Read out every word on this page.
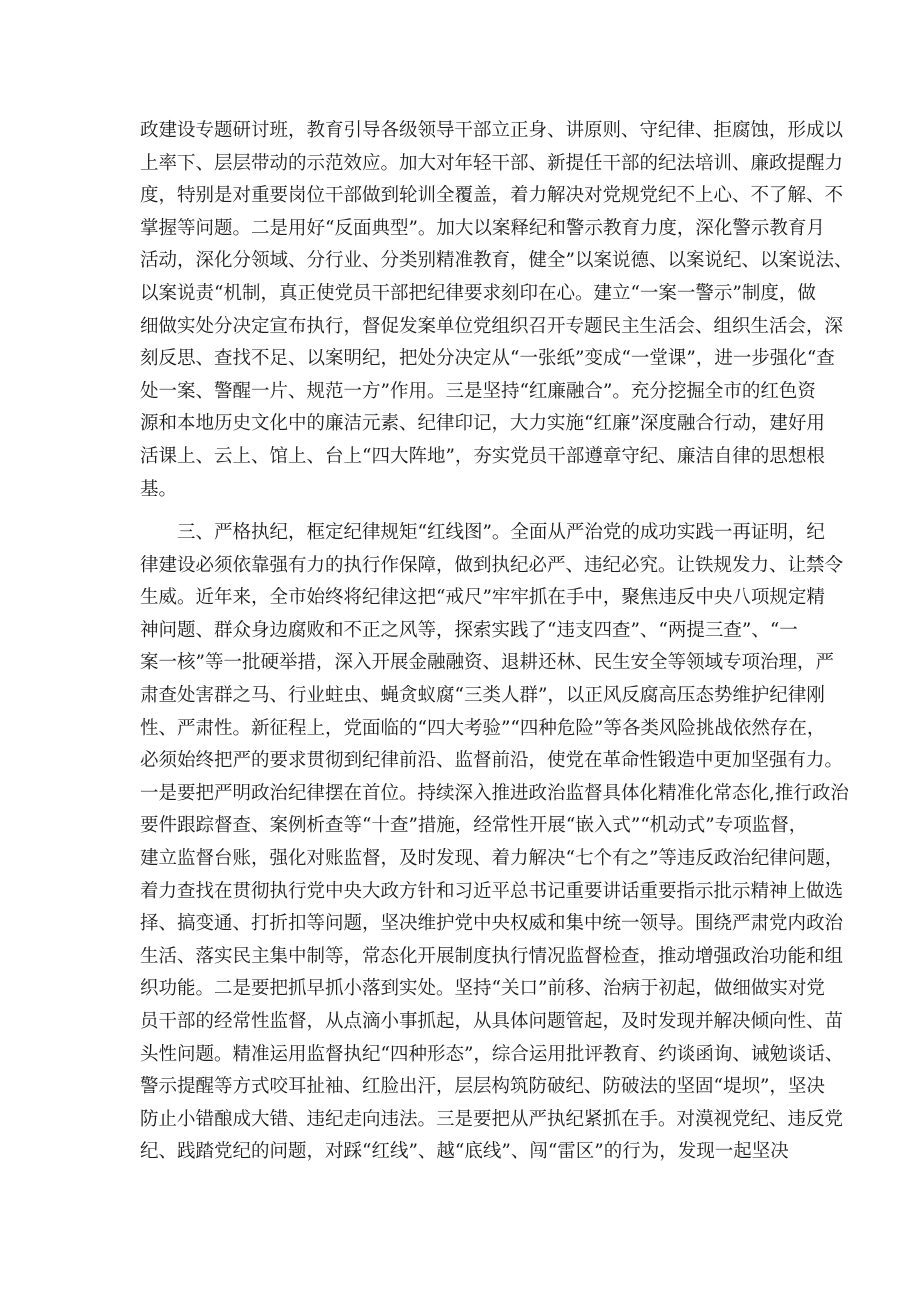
政建设专题研讨班，教育引导各级领导干部立正身、讲原则、守纪律、拒腐蚀，形成以
上率下、层层带动的示范效应。加大对年轻干部、新提任干部的纪法培训、廉政提醒力
度，特别是对重要岗位干部做到轮训全覆盖，着力解决对党规党纪不上心、不了解、不
掌握等问题。二是用好“反面典型”。加大以案释纪和警示教育力度，深化警示教育月
活动，深化分领域、分行业、分类别精准教育，健全”以案说德、以案说纪、以案说法、
以案说责“机制，真正使党员干部把纪律要求刻印在心。建立“一案一警示”制度，做
细做实处分决定宣布执行，督促发案单位党组织召开专题民主生活会、组织生活会，深
刻反思、查找不足、以案明纪，把处分决定从“一张纸”变成“一堂课”，进一步强化“查
处一案、警醒一片、规范一方”作用。三是坚持“红廉融合”。充分挖掘全市的红色资
源和本地历史文化中的廉洁元素、纪律印记，大力实施“红廉”深度融合行动，建好用
活课上、云上、馆上、台上“四大阵地”，夯实党员干部遵章守纪、廉洁自律的思想根
基。
三、严格执纪，框定纪律规矩“红线图”。全面从严治党的成功实践一再证明，纪
律建设必须依靠强有力的执行作保障，做到执纪必严、违纪必究。让铁规发力、让禁令
生威。近年来，全市始终将纪律这把“戒尺”牢牢抓在手中，聚焦违反中央八项规定精
神问题、群众身边腐败和不正之风等，探索实践了“违支四查”、“两提三查”、“一
案一核”等一批硬举措，深入开展金融融资、退耕还林、民生安全等领域专项治理，严
肃查处害群之马、行业蛀虫、蝇贪蚁腐“三类人群”，以正风反腐高压态势维护纪律刚
性、严肃性。新征程上，党面临的“四大考验”“四种危险”等各类风险挑战依然存在，
必须始终把严的要求贯彻到纪律前沿、监督前沿，使党在革命性锻造中更加坚强有力。
一是要把严明政治纪律摆在首位。持续深入推进政治监督具体化精准化常态化,推行政治
要件跟踪督查、案例析查等“十查”措施，经常性开展“嵌入式”“机动式”专项监督，
建立监督台账，强化对账监督，及时发现、着力解决“七个有之”等违反政治纪律问题，
着力查找在贯彻执行党中央大政方针和习近平总书记重要讲话重要指示批示精神上做选
择、搞变通、打折扣等问题，坚决维护党中央权威和集中统一领导。围绕严肃党内政治
生活、落实民主集中制等，常态化开展制度执行情况监督检查，推动增强政治功能和组
织功能。二是要把抓早抓小落到实处。坚持“关口”前移、治病于初起，做细做实对党
员干部的经常性监督，从点滴小事抓起，从具体问题管起，及时发现并解决倾向性、苗
头性问题。精准运用监督执纪“四种形态”，综合运用批评教育、约谈函询、诫勉谈话、
警示提醒等方式咬耳扯袖、红脸出汗，层层构筑防破纪、防破法的坚固“堤坝”，坚决
防止小错酿成大错、违纪走向违法。三是要把从严执纪紧抓在手。对漠视党纪、违反党
纪、践踏党纪的问题，对踩“红线”、越“底线”、闯“雷区”的行为，发现一起坚决
